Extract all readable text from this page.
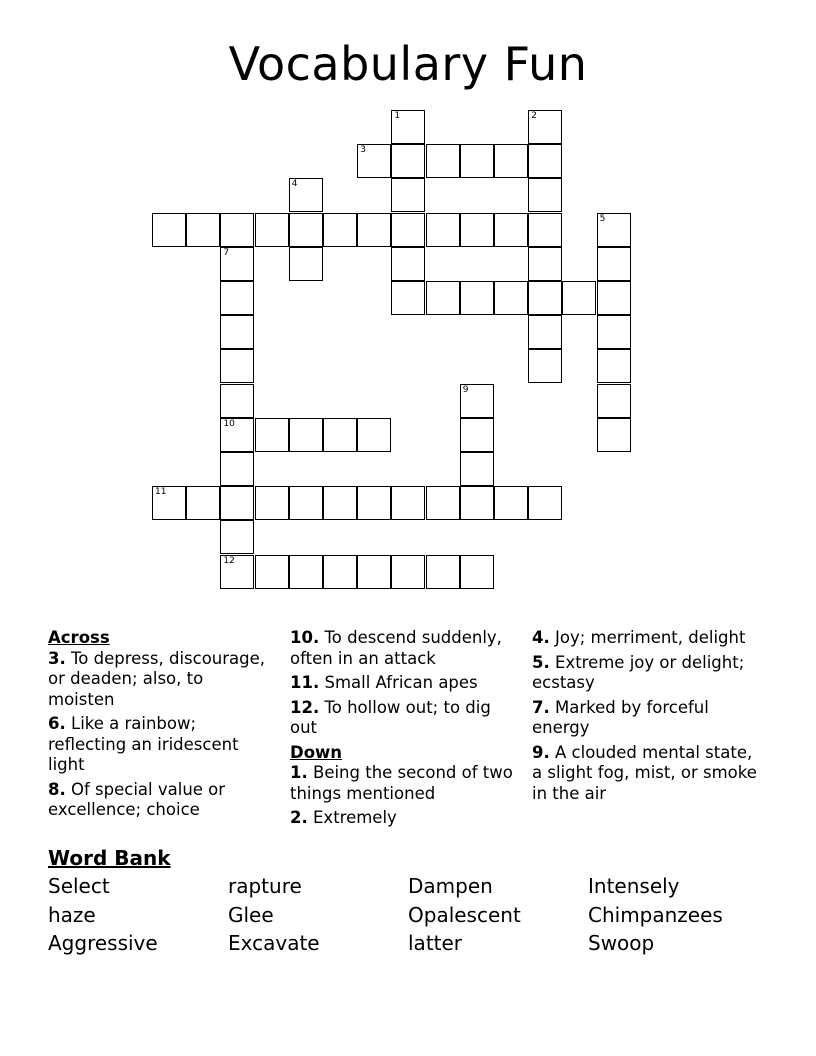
Vocabulary Fun
1	2
3
4
5
7
10
9
11
12
Across
3. To depress, discourage, or deaden; also, to moisten
6. Like a rainbow; reflecting an iridescent light
8. Of special value or excellence; choice
10. To descend suddenly, often in an attack
11. Small African apes
12. To hollow out; to dig out
Down
1. Being the second of two things mentioned
2. Extremely
4. Joy; merriment, delight
5. Extreme joy or delight; ecstasy
7. Marked by forceful energy
9. A clouded mental state, a slight fog, mist, or smoke in the air
Word Bank
Select	rapture	Dampen	Intensely
haze	Glee	Opalescent	Chimpanzees
Aggressive	Excavate	latter	Swoop
